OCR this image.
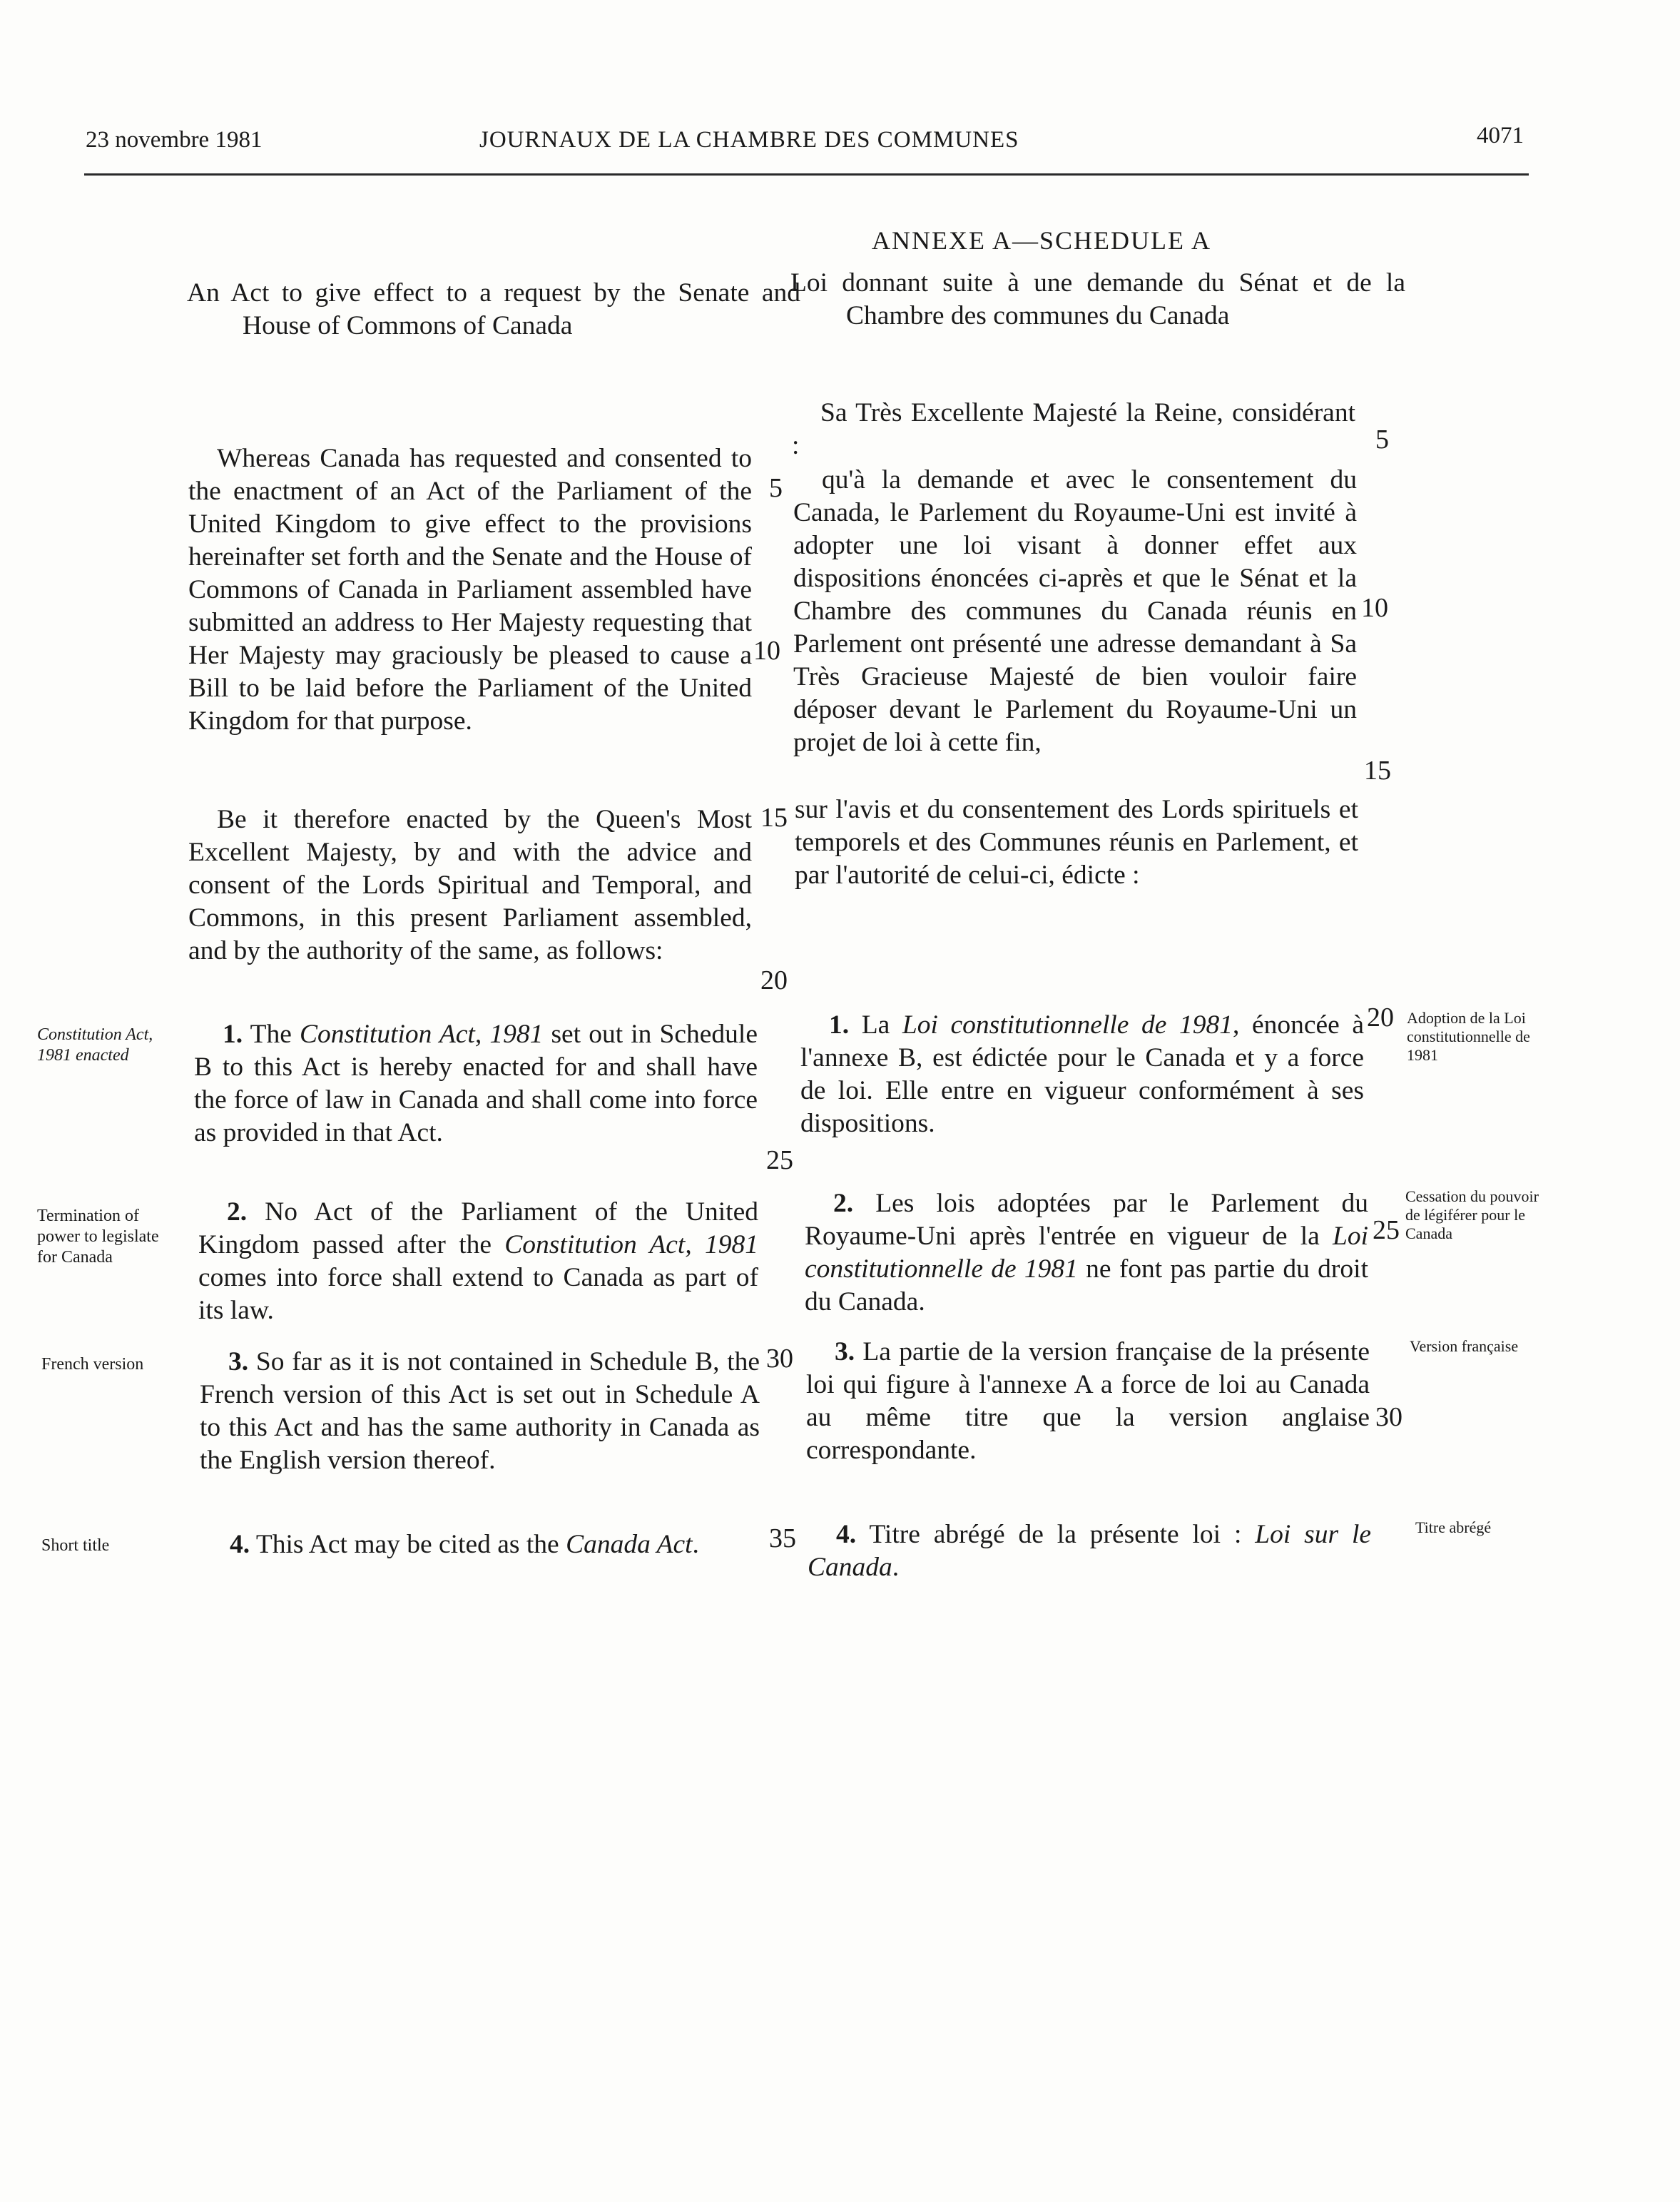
23 novembre 1981	JOURNAUX DE LA CHAMBRE DES COMMUNES	4071
ANNEXE A—SCHEDULE A

An Act to give effect to a request by the Senate and House of Commons of Canada

Whereas Canada has requested and consented to the enactment of an Act of the Parliament of the United Kingdom to give effect to the provisions hereinafter set forth and the Senate and the House of Commons of Canada in Parliament assembled have submitted an address to Her Majesty requesting that Her Majesty may graciously be pleased to cause a Bill to be laid before the Parliament of the United Kingdom for that purpose.

Be it therefore enacted by the Queen's Most Excellent Majesty, by and with the advice and consent of the Lords Spiritual and Temporal, and Commons, in this present Parliament assembled, and by the authority of the same, as follows:

1. The Constitution Act, 1981 set out in Schedule B to this Act is hereby enacted for and shall have the force of law in Canada and shall come into force as provided in that Act.

2. No Act of the Parliament of the United Kingdom passed after the Constitution Act, 1981 comes into force shall extend to Canada as part of its law.

3. So far as it is not contained in Schedule B, the French version of this Act is set out in Schedule A to this Act and has the same authority in Canada as the English version thereof.

4. This Act may be cited as the Canada Act.

Constitution Act, 1981 enacted
Termination of power to legislate for Canada
French version
Short title
5
10
15
20
25
30
35

Loi donnant suite à une demande du Sénat et de la Chambre des communes du Canada

Sa Très Excellente Majesté la Reine, considérant :

qu'à la demande et avec le consentement du Canada, le Parlement du Royaume-Uni est invité à adopter une loi visant à donner effet aux dispositions énoncées ci-après et que le Sénat et la Chambre des communes du Canada réunis en Parlement ont présenté une adresse demandant à Sa Très Gracieuse Majesté de bien vouloir faire déposer devant le Parlement du Royaume-Uni un projet de loi à cette fin,

sur l'avis et du consentement des Lords spirituels et temporels et des Communes réunis en Parlement, et par l'autorité de celui-ci, édicte :

1. La Loi constitutionnelle de 1981, énoncée à l'annexe B, est édictée pour le Canada et y a force de loi. Elle entre en vigueur conformément à ses dispositions.

2. Les lois adoptées par le Parlement du Royaume-Uni après l'entrée en vigueur de la Loi constitutionnelle de 1981 ne font pas partie du droit du Canada.

3. La partie de la version française de la présente loi qui figure à l'annexe A a force de loi au Canada au même titre que la version anglaise correspondante.

4. Titre abrégé de la présente loi : Loi sur le Canada.

Adoption de la Loi constitutionnelle de 1981
Cessation du pouvoir de légiférer pour le Canada
Version française
Titre abrégé
5
10
15
20
25
30
